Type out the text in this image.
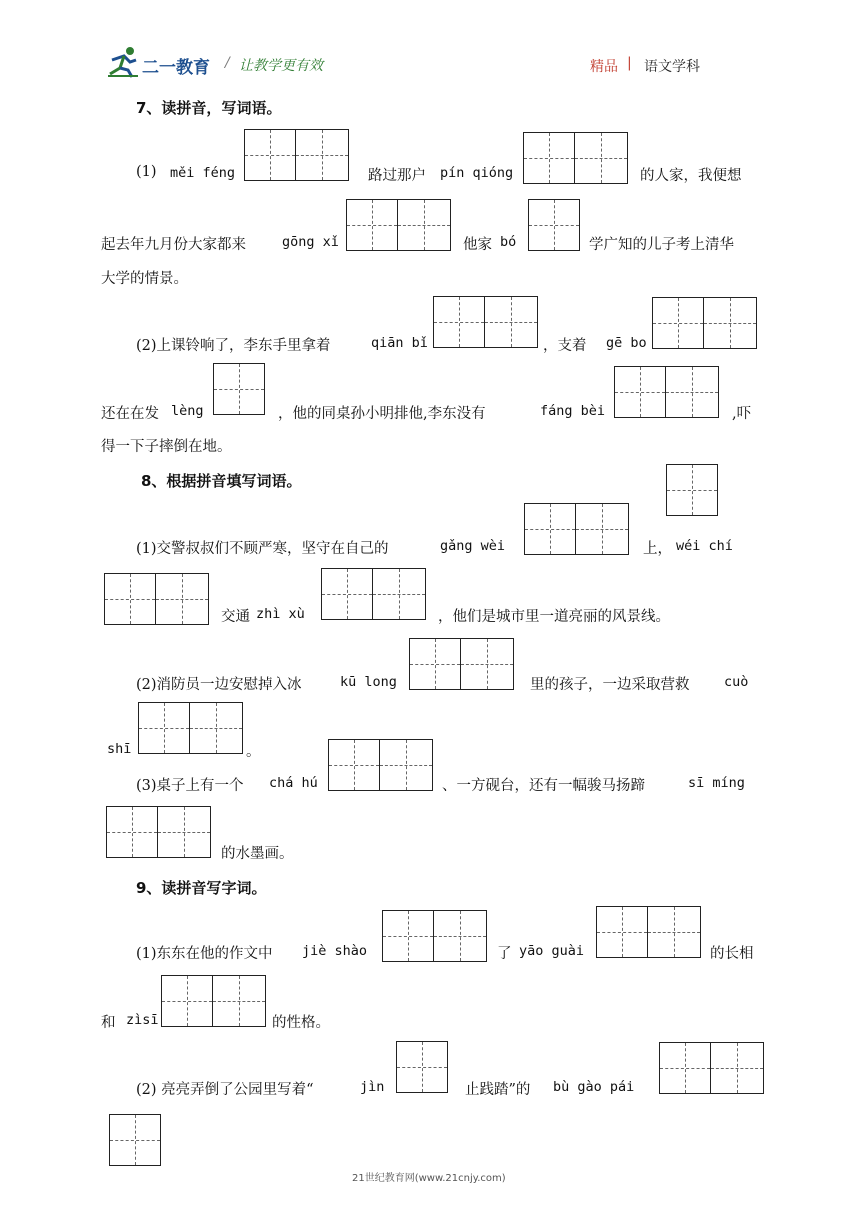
二一教育 / 让教学更有效	精品 | 语文学科
7、读拼音，写词语。
(1) měi féng	路过那户 pín qióng	的人家，我便想
起去年九月份大家都来	gōng xǐ	他家 bó	学广知的儿子考上清华
大学的情景。
(2)上课铃响了，李东手里拿着	qiān bǐ	，支着 gē bo
还在在发 lèng	，他的同桌孙小明排他,李东没有	fáng bèi	,吓
得一下子摔倒在地。
8、根据拼音填写词语。
(1)交警叔叔们不顾严寒，坚守在自己的	gǎng wèi	上， wéi chí
交通 zhì xù	，他们是城市里一道亮丽的风景线。
(2)消防员一边安慰掉入冰	kū long	里的孩子，一边采取营救	cuò
shī	。
(3)桌子上有一个 chá hú	、一方砚台，还有一幅骏马扬蹄	sī míng
的水墨画。
9、读拼音写字词。
(1)东东在他的作文中 jiè shào	了 yāo guài	的长相
和 zìsī	的性格。
(2) 亮亮弄倒了公园里写着“	jìn	止践踏”的 bù gào pái
21世纪教育网(www.21cnjy.com)
